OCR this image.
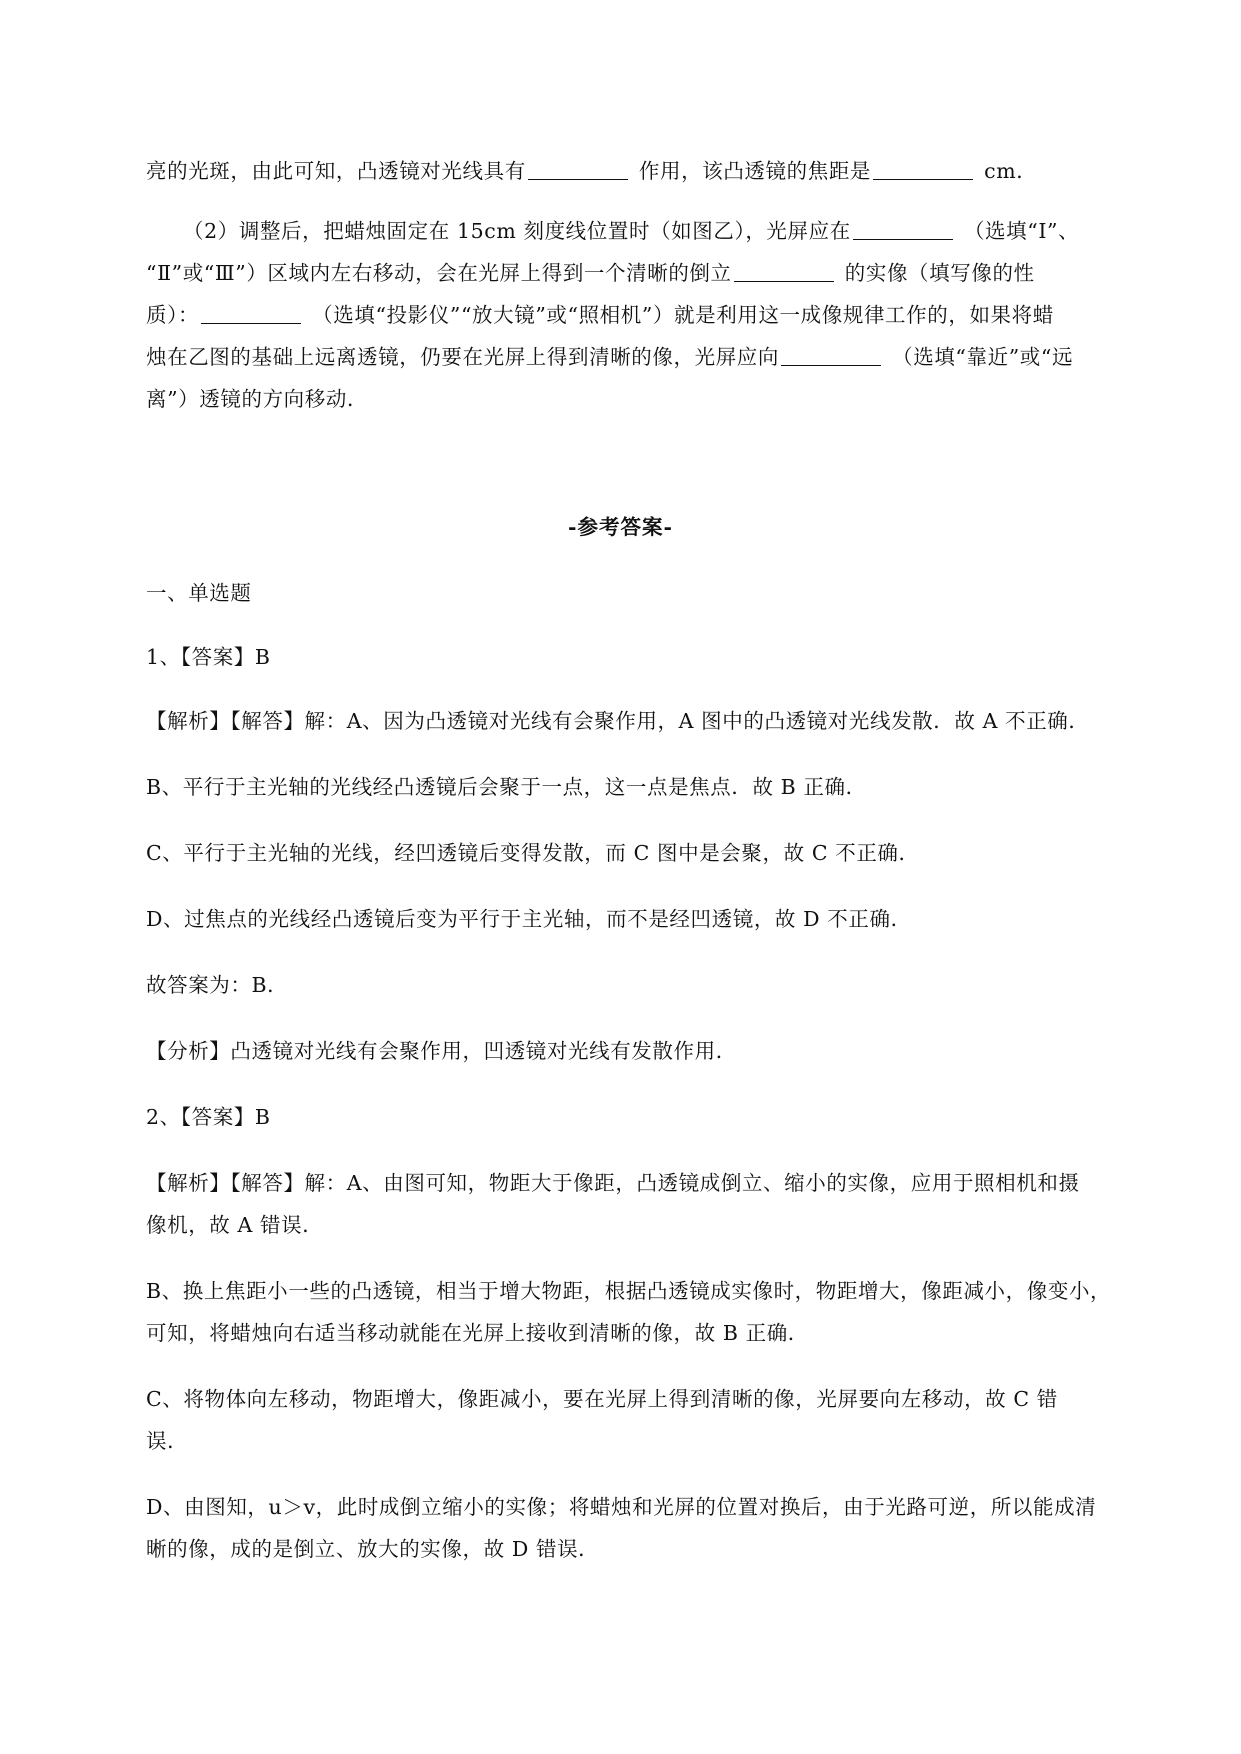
亮的光斑，由此可知，凸透镜对光线具有	作用，该凸透镜的焦距是	cm．
（2）调整后，把蜡烛固定在 15cm 刻度线位置时（如图乙），光屏应在	（选填“Ⅰ”、
“Ⅱ”或“Ⅲ”）区域内左右移动，会在光屏上得到一个清晰的倒立	的实像（填写像的性
质）：	（选填“投影仪”“放大镜”或“照相机”）就是利用这一成像规律工作的，如果将蜡
烛在乙图的基础上远离透镜，仍要在光屏上得到清晰的像，光屏应向	（选填“靠近”或“远
离”）透镜的方向移动．
-参考答案-
一、单选题
1、【答案】B
【解析】【解答】解：A、因为凸透镜对光线有会聚作用，A 图中的凸透镜对光线发散．故 A 不正确．
B、平行于主光轴的光线经凸透镜后会聚于一点，这一点是焦点．故 B 正确．
C、平行于主光轴的光线，经凹透镜后变得发散，而 C 图中是会聚，故 C 不正确．
D、过焦点的光线经凸透镜后变为平行于主光轴，而不是经凹透镜，故 D 不正确．
故答案为：B．
【分析】凸透镜对光线有会聚作用，凹透镜对光线有发散作用．
2、【答案】B
【解析】【解答】解：A、由图可知，物距大于像距，凸透镜成倒立、缩小的实像，应用于照相机和摄
像机，故 A 错误．
B、换上焦距小一些的凸透镜，相当于增大物距，根据凸透镜成实像时，物距增大，像距减小，像变小，
可知，将蜡烛向右适当移动就能在光屏上接收到清晰的像，故 B 正确．
C、将物体向左移动，物距增大，像距减小，要在光屏上得到清晰的像，光屏要向左移动，故 C 错
误．
D、由图知，u＞v，此时成倒立缩小的实像；将蜡烛和光屏的位置对换后，由于光路可逆，所以能成清
晰的像，成的是倒立、放大的实像，故 D 错误．
